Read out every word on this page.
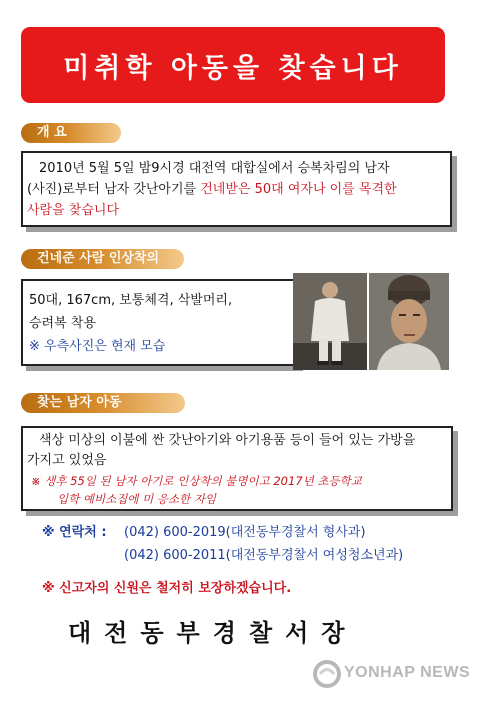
미취학 아동을 찾습니다
개 요
2010년 5월 5일 밤9시경 대전역 대합실에서 승복차림의 남자
(사진)로부터 남자 갓난아기를 건네받은 50대 여자나 이를 목격한
사람을 찾습니다
건네준 사람 인상착의
50대, 167cm, 보통체격, 삭발머리,
승려복 착용
※ 우측사진은 현재 모습
찾는 남자 아동
색상 미상의 이불에 싼 갓난아기와 아기용품 등이 들어 있는 가방을
가지고 있었음
※ 생후 55일 된 남자 아기로 인상착의 불명이고 2017년 초등학교
입학 예비소집에 미 응소한 자임
※ 연락처 : (042) 600-2019(대전동부경찰서 형사과)
(042) 600-2011(대전동부경찰서 여성청소년과)
※ 신고자의 신원은 철저히 보장하겠습니다.
대전동부경찰서장
YONHAP NEWS
